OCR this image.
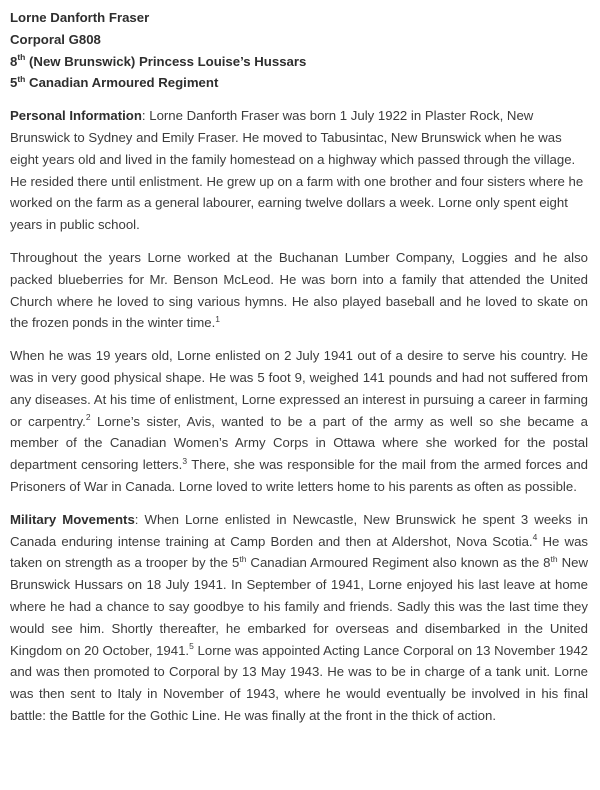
Lorne Danforth Fraser
Corporal G808
8th (New Brunswick) Princess Louise’s Hussars
5th Canadian Armoured Regiment

Personal Information: Lorne Danforth Fraser was born 1 July 1922 in Plaster Rock, New Brunswick to Sydney and Emily Fraser. He moved to Tabusintac, New Brunswick when he was eight years old and lived in the family homestead on a highway which passed through the village. He resided there until enlistment. He grew up on a farm with one brother and four sisters where he worked on the farm as a general labourer, earning twelve dollars a week. Lorne only spent eight years in public school.

Throughout the years Lorne worked at the Buchanan Lumber Company, Loggies and he also packed blueberries for Mr. Benson McLeod. He was born into a family that attended the United Church where he loved to sing various hymns. He also played baseball and he loved to skate on the frozen ponds in the winter time.$^1$

When he was 19 years old, Lorne enlisted on 2 July 1941 out of a desire to serve his country. He was in very good physical shape. He was 5 foot 9, weighed 141 pounds and had not suffered from any diseases. At his time of enlistment, Lorne expressed an interest in pursuing a career in farming or carpentry.$^2$ Lorne’s sister, Avis, wanted to be a part of the army as well so she became a member of the Canadian Women’s Army Corps in Ottawa where she worked for the postal department censoring letters.$^3$ There, she was responsible for the mail from the armed forces and Prisoners of War in Canada. Lorne loved to write letters home to his parents as often as possible.

Military Movements: When Lorne enlisted in Newcastle, New Brunswick he spent 3 weeks in Canada enduring intense training at Camp Borden and then at Aldershot, Nova Scotia.$^4$ He was taken on strength as a trooper by the 5th Canadian Armoured Regiment also known as the 8th New Brunswick Hussars on 18 July 1941. In September of 1941, Lorne enjoyed his last leave at home where he had a chance to say goodbye to his family and friends. Sadly this was the last time they would see him. Shortly thereafter, he embarked for overseas and disembarked in the United Kingdom on 20 October, 1941.$^5$ Lorne was appointed Acting Lance Corporal on 13 November 1942 and was then promoted to Corporal by 13 May 1943. He was to be in charge of a tank unit. Lorne was then sent to Italy in November of 1943, where he would eventually be involved in his final battle: the Battle for the Gothic Line. He was finally at the front in the thick of action.
